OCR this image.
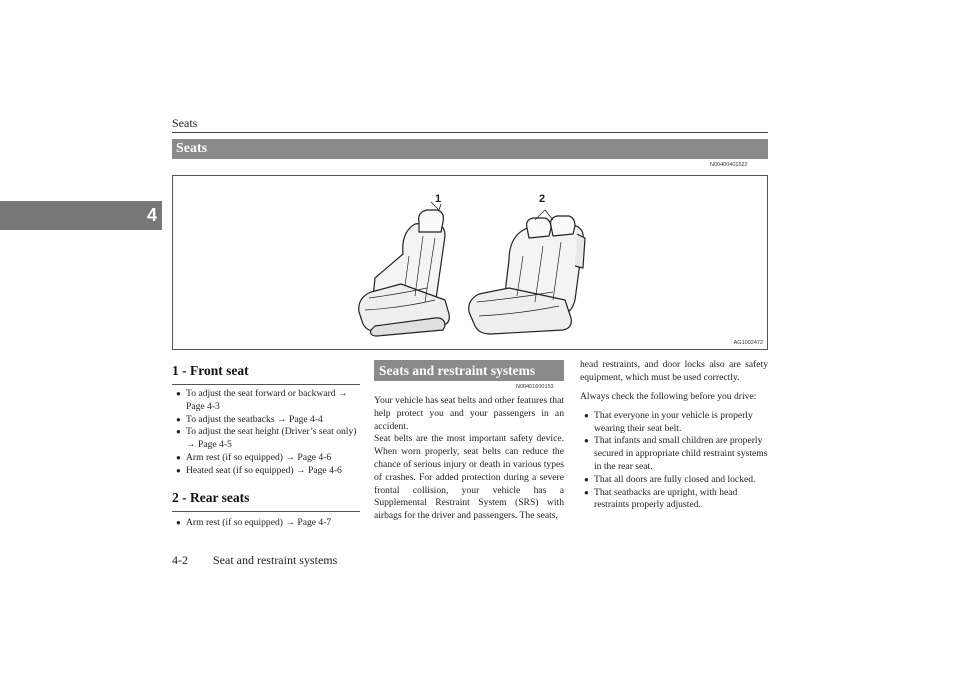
Seats
4
Seats
N00400401522
1	2
AG1002472
1 - Front seat
● To adjust the seat forward or backward → Page 4-3
● To adjust the seatbacks → Page 4-4
● To adjust the seat height (Driver’s seat only) → Page 4-5
● Arm rest (if so equipped) → Page 4-6
● Heated seat (if so equipped) → Page 4-6
2 - Rear seats
● Arm rest (if so equipped) → Page 4-7
Seats and restraint systems
N00401600153

Your vehicle has seat belts and other features that help protect you and your passengers in an accident.

Seat belts are the most important safety device. When worn properly, seat belts can reduce the chance of serious injury or death in various types of crashes. For added protection during a severe frontal collision, your vehicle has a Supplemental Restraint System (SRS) with airbags for the driver and passengers. The seats,

Always check the following before you drive:

● That everyone in your vehicle is properly wearing their seat belt.
● That infants and small children are properly secured in appropriate child restraint systems in the rear seat.
● That all doors are fully closed and locked.
● That seatbacks are upright, with head restraints properly adjusted.
4-2 Seat and restraint systems

head restraints, and door locks also are safety equipment, which must be used correctly.
